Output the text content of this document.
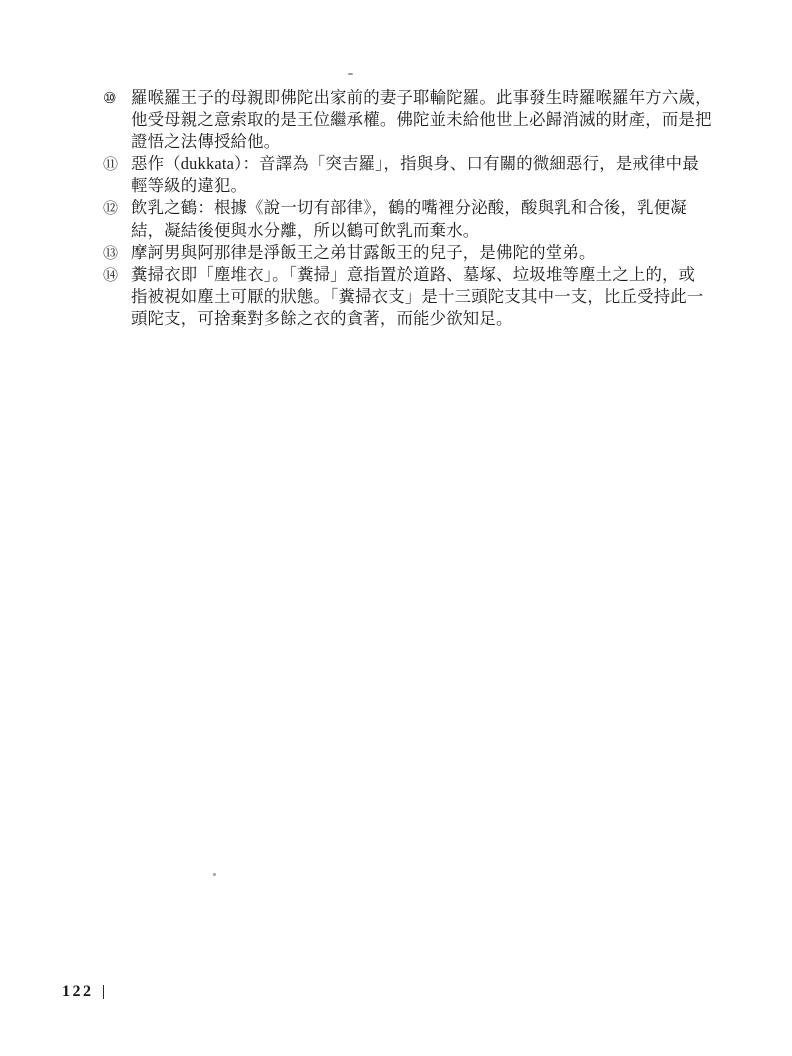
⑩ 羅喉羅王子的母親即佛陀出家前的妻子耶輸陀羅。此事發生時羅喉羅年方六歲，
他受母親之意索取的是王位繼承權。佛陀並未給他世上必歸消滅的財產，而是把
證悟之法傳授給他。
⑪ 惡作（dukkata）：音譯為「突吉羅」，指與身、口有關的微細惡行，是戒律中最
輕等級的違犯。
⑫ 飲乳之鶴：根據《說一切有部律》，鶴的嘴裡分泌酸，酸與乳和合後，乳便凝
結，凝結後便與水分離，所以鶴可飲乳而棄水。
⑬ 摩訶男與阿那律是淨飯王之弟甘露飯王的兒子，是佛陀的堂弟。
⑭ 糞掃衣即「塵堆衣」。「糞掃」意指置於道路、墓塚、垃圾堆等塵土之上的，或
指被視如塵土可厭的狀態。「糞掃衣支」是十三頭陀支其中一支，比丘受持此一
頭陀支，可捨棄對多餘之衣的貪著，而能少欲知足。
122
